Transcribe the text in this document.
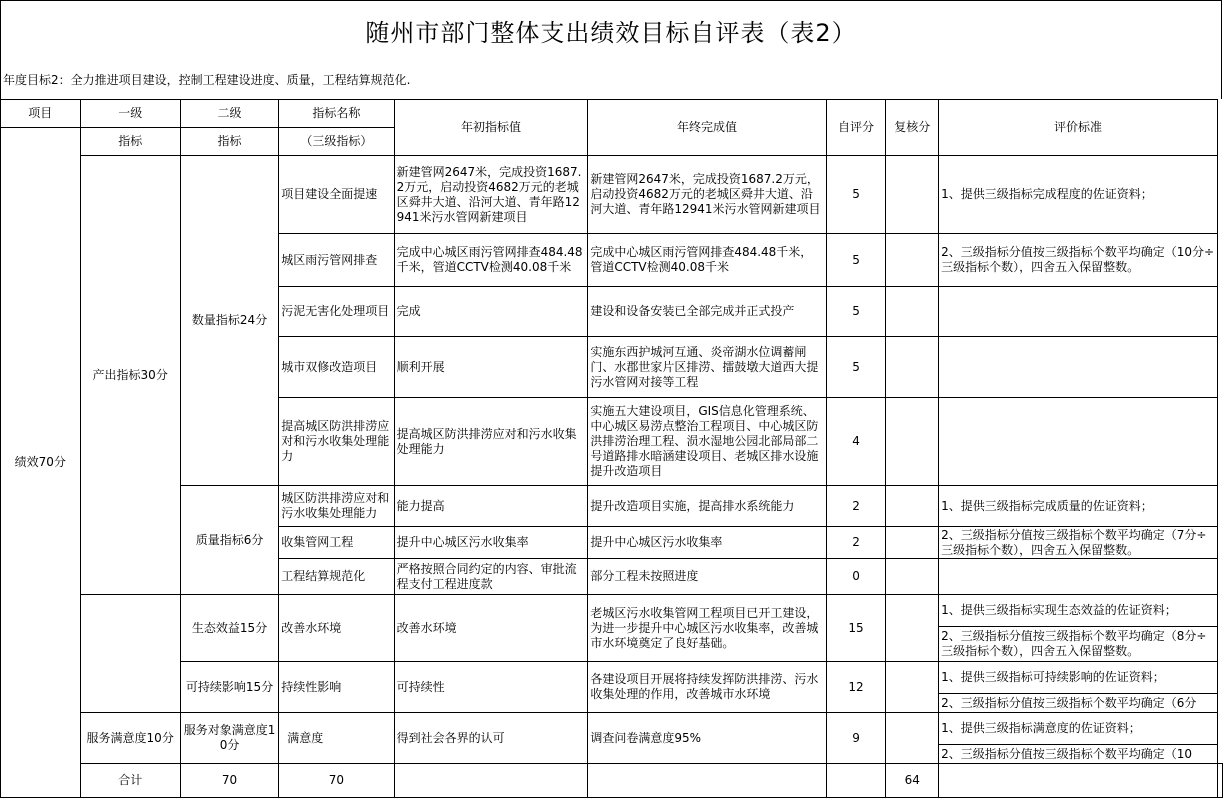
随州市部门整体支出绩效目标自评表（表2）
年度目标2：全力推进项目建设，控制工程建设进度、质量，工程结算规范化.
项目	一级	二级	指标名称	年初指标值	年终完成值	自评分	复核分	评价标准	
绩效70分	指标	指标	（三级指标）						
	产出指标30分	数量指标24分	项目建设全面提速	新建管网2647米，完成投资1687.2万元，启动投资4682万元的老城区舜井大道、沿河大道、青年路12941米污水管网新建项目	新建管网2647米，完成投资1687.2万元，启动投资4682万元的老城区舜井大道、沿河大道、青年路12941米污水管网新建项目	5		1、提供三级指标完成程度的佐证资料；	
			城区雨污管网排查	完成中心城区雨污管网排查484.48千米，管道CCTV检测40.08千米	完成中心城区雨污管网排查484.48千米，管道CCTV检测40.08千米	5		2、三级指标分值按三级指标个数平均确定（10分÷三级指标个数），四舍五入保留整数。	
			污泥无害化处理项目	完成	建设和设备安装已全部完成并正式投产	5			
			城市双修改造项目	顺利开展	实施东西护城河互通、炎帝湖水位调蓄闸门、水郡世家片区排涝、擂鼓墩大道西大提污水管网对接等工程	5			
			提高城区防洪排涝应对和污水收集处理能力	提高城区防洪排涝应对和污水收集处理能力	实施五大建设项目，GIS信息化管理系统、中心城区易涝点整治工程项目、中心城区防洪排涝治理工程、涢水湿地公园北部局部二号道路排水暗涵建设项目、老城区排水设施提升改造项目	4			
		质量指标6分	城区防洪排涝应对和污水收集处理能力	能力提高	提升改造项目实施，提高排水系统能力	2		1、提供三级指标完成质量的佐证资料；	
			收集管网工程	提升中心城区污水收集率	提升中心城区污水收集率	2		2、三级指标分值按三级指标个数平均确定（7分÷三级指标个数），四舍五入保留整数。	
			工程结算规范化	严格按照合同约定的内容、审批流程支付工程进度款	部分工程未按照进度	0			
		生态效益15分	改善水环境	改善水环境	老城区污水收集管网工程项目已开工建设，为进一步提升中心城区污水收集率，改善城市水环境奠定了良好基础。	15		1、提供三级指标实现生态效益的佐证资料；
2、三级指标分值按三级指标个数平均确定（8分÷三级指标个数），四舍五入保留整数。	

		可持续影响15分	持续性影响	可持续性	各建设项目开展将持续发挥防洪排涝、污水收集处理的作用，改善城市水环境	12		1、提供三级指标可持续影响的佐证资料；
2、三级指标分值按三级指标个数平均确定（6分	

	服务满意度10分	服务对象满意度10分	满意度	得到社会各界的认可	调查问卷满意度95%	9		1、提供三级指标满意度的佐证资料；
2、三级指标分值按三级指标个数平均确定（10	

	合计	70	70				64		
